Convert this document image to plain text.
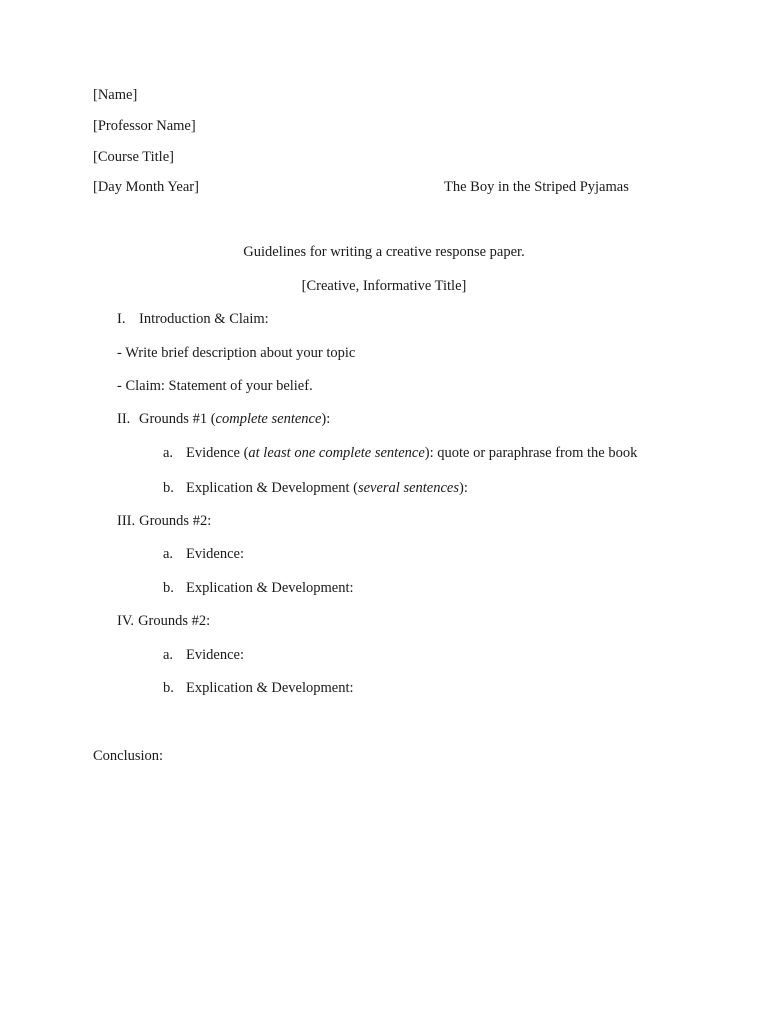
[Name]
[Professor Name]
[Course Title]
[Day Month Year]	The Boy in the Striped Pyjamas
Guidelines for writing a creative response paper.
[Creative, Informative Title]
I. Introduction & Claim:
- Write brief description about your topic
- Claim: Statement of your belief.
II. Grounds #1 (complete sentence):
a. Evidence (at least one complete sentence): quote or paraphrase from the book
b. Explication & Development (several sentences):
III. Grounds #2:
a. Evidence:
b. Explication & Development:
IV. Grounds #2:
a. Evidence:
b. Explication & Development:
Conclusion:
